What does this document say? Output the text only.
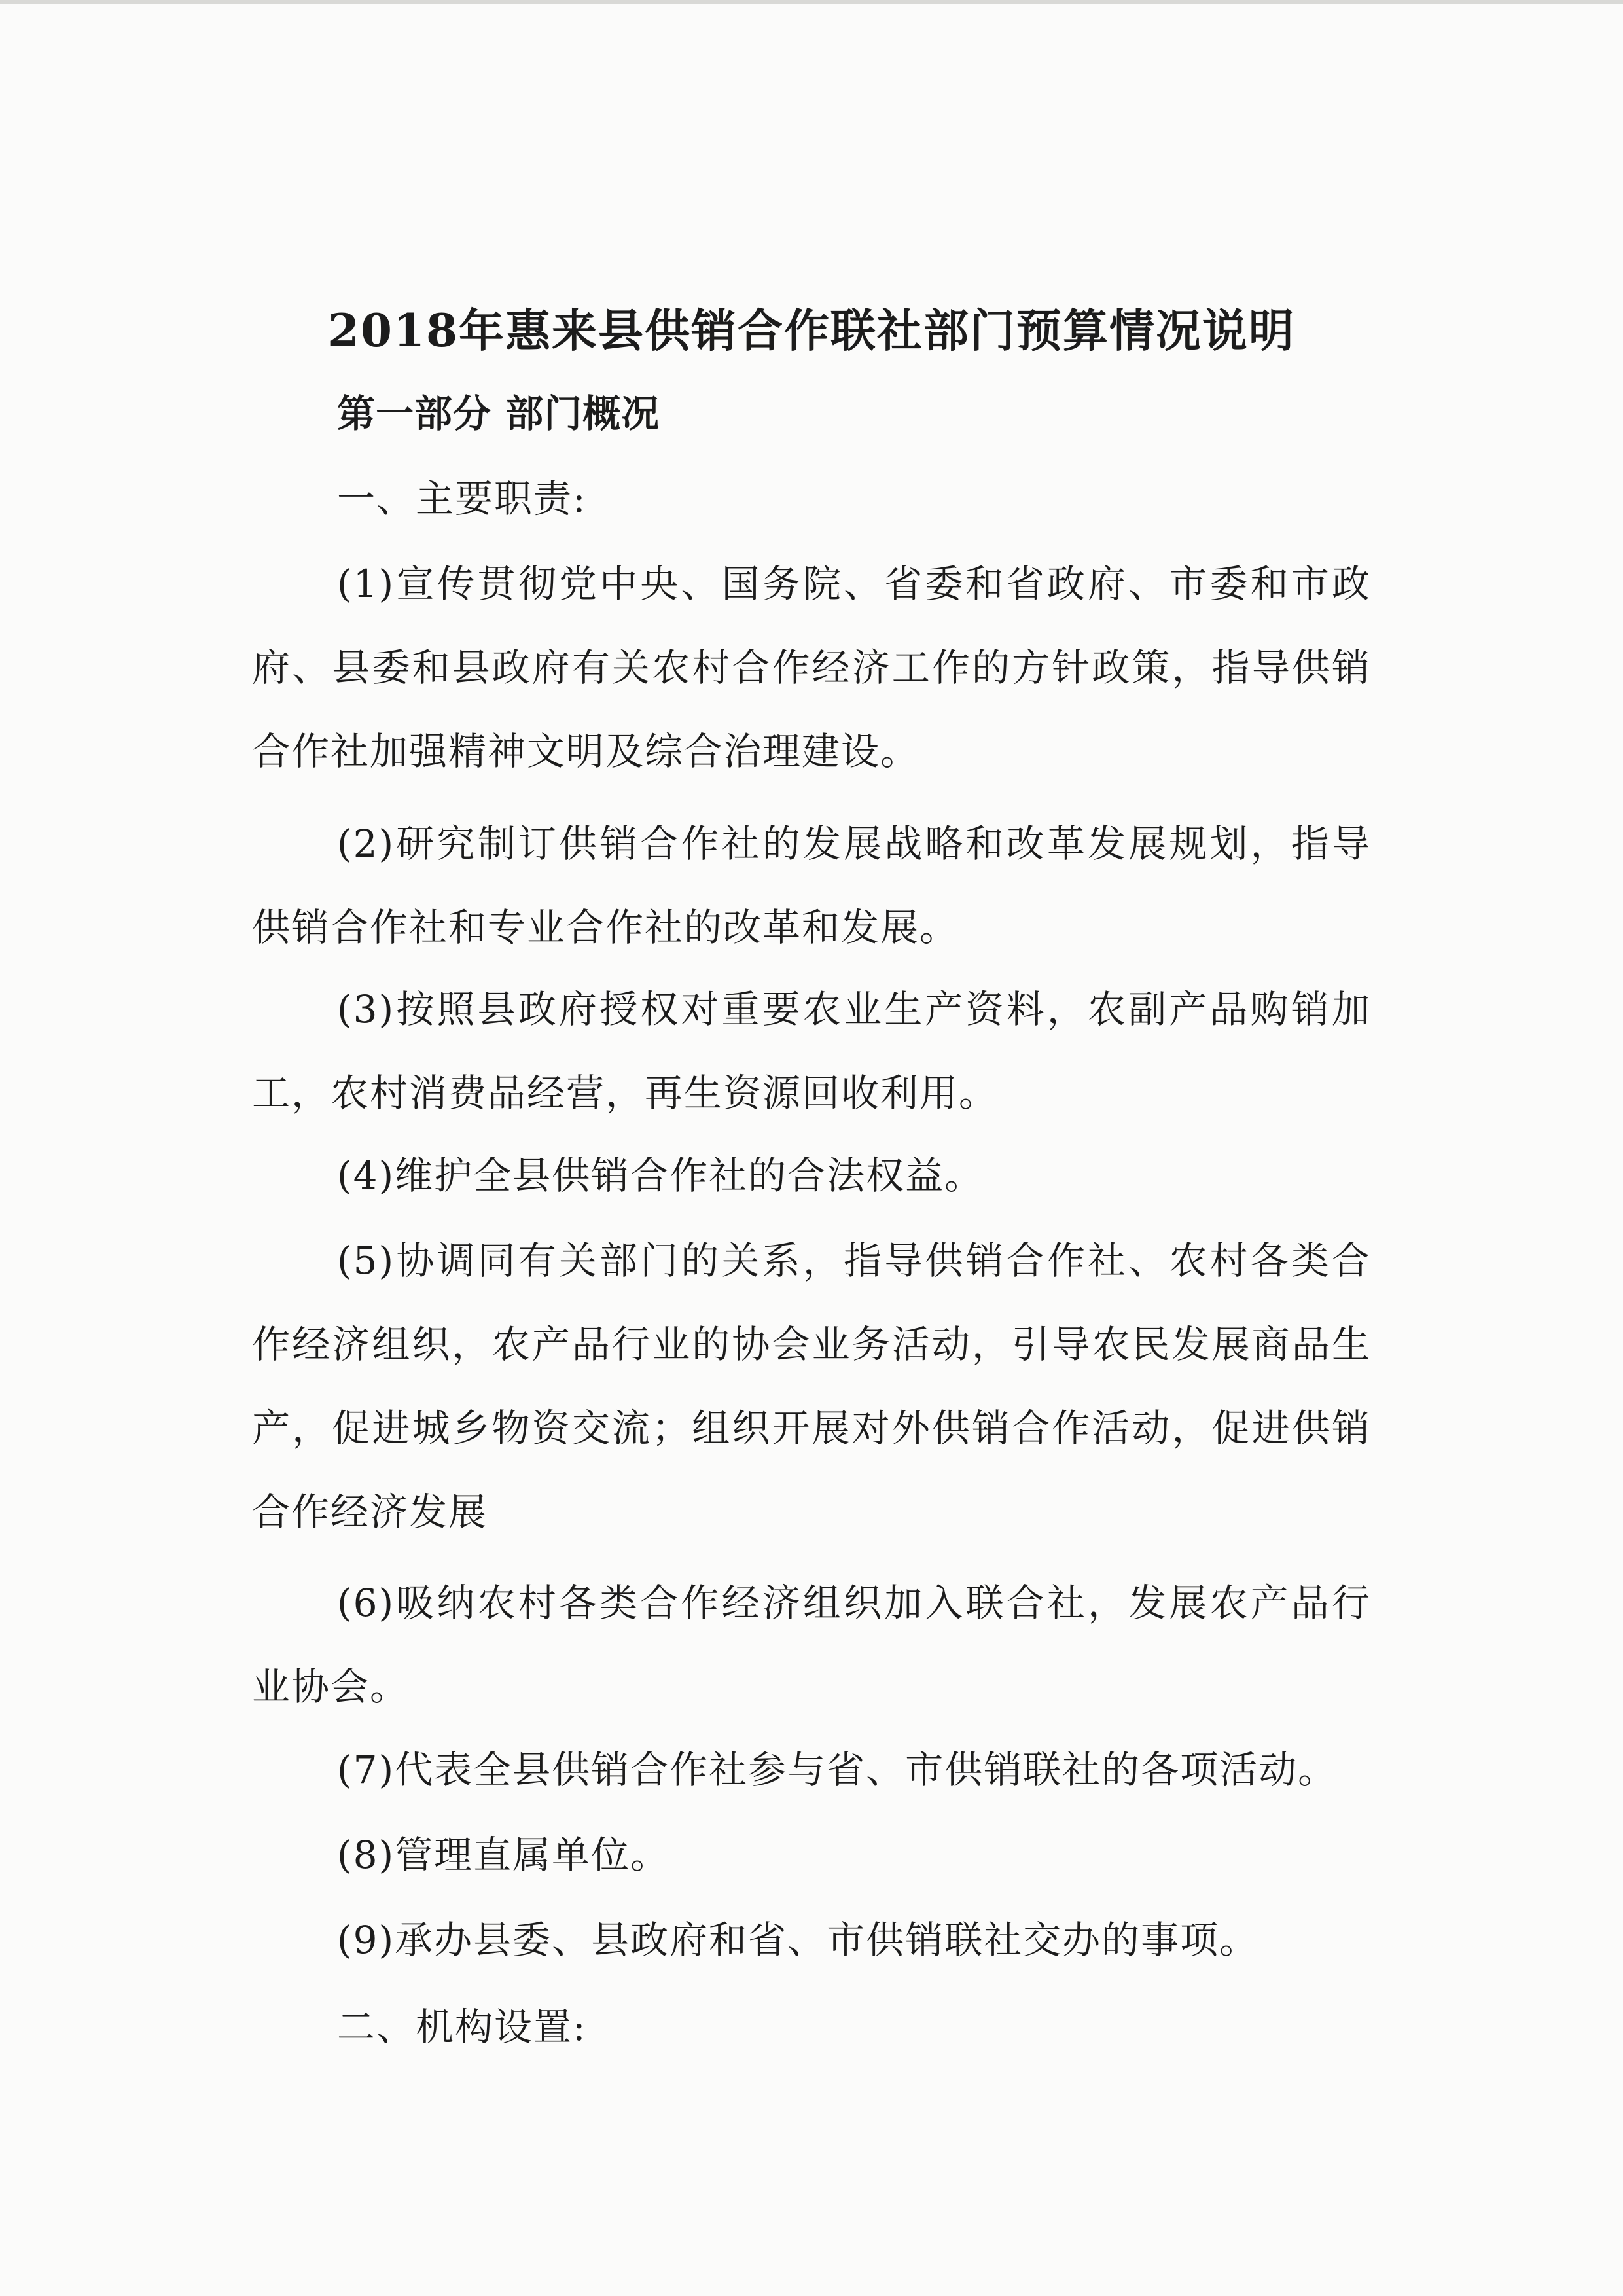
2018年惠来县供销合作联社部门预算情况说明
第一部分 部门概况

一、主要职责:

(1)宣传贯彻党中央、国务院、省委和省政府、市委和市政府、县委和县政府有关农村合作经济工作的方针政策，指导供销合作社加强精神文明及综合治理建设。

(2)研究制订供销合作社的发展战略和改革发展规划，指导供销合作社和专业合作社的改革和发展。

(3)按照县政府授权对重要农业生产资料，农副产品购销加工，农村消费品经营，再生资源回收利用。

(4)维护全县供销合作社的合法权益。

(5)协调同有关部门的关系，指导供销合作社、农村各类合作经济组织，农产品行业的协会业务活动，引导农民发展商品生产，促进城乡物资交流；组织开展对外供销合作活动，促进供销合作经济发展

(6)吸纳农村各类合作经济组织加入联合社，发展农产品行业协会。

(7)代表全县供销合作社参与省、市供销联社的各项活动。

(8)管理直属单位。

(9)承办县委、县政府和省、市供销联社交办的事项。

二、机构设置:
